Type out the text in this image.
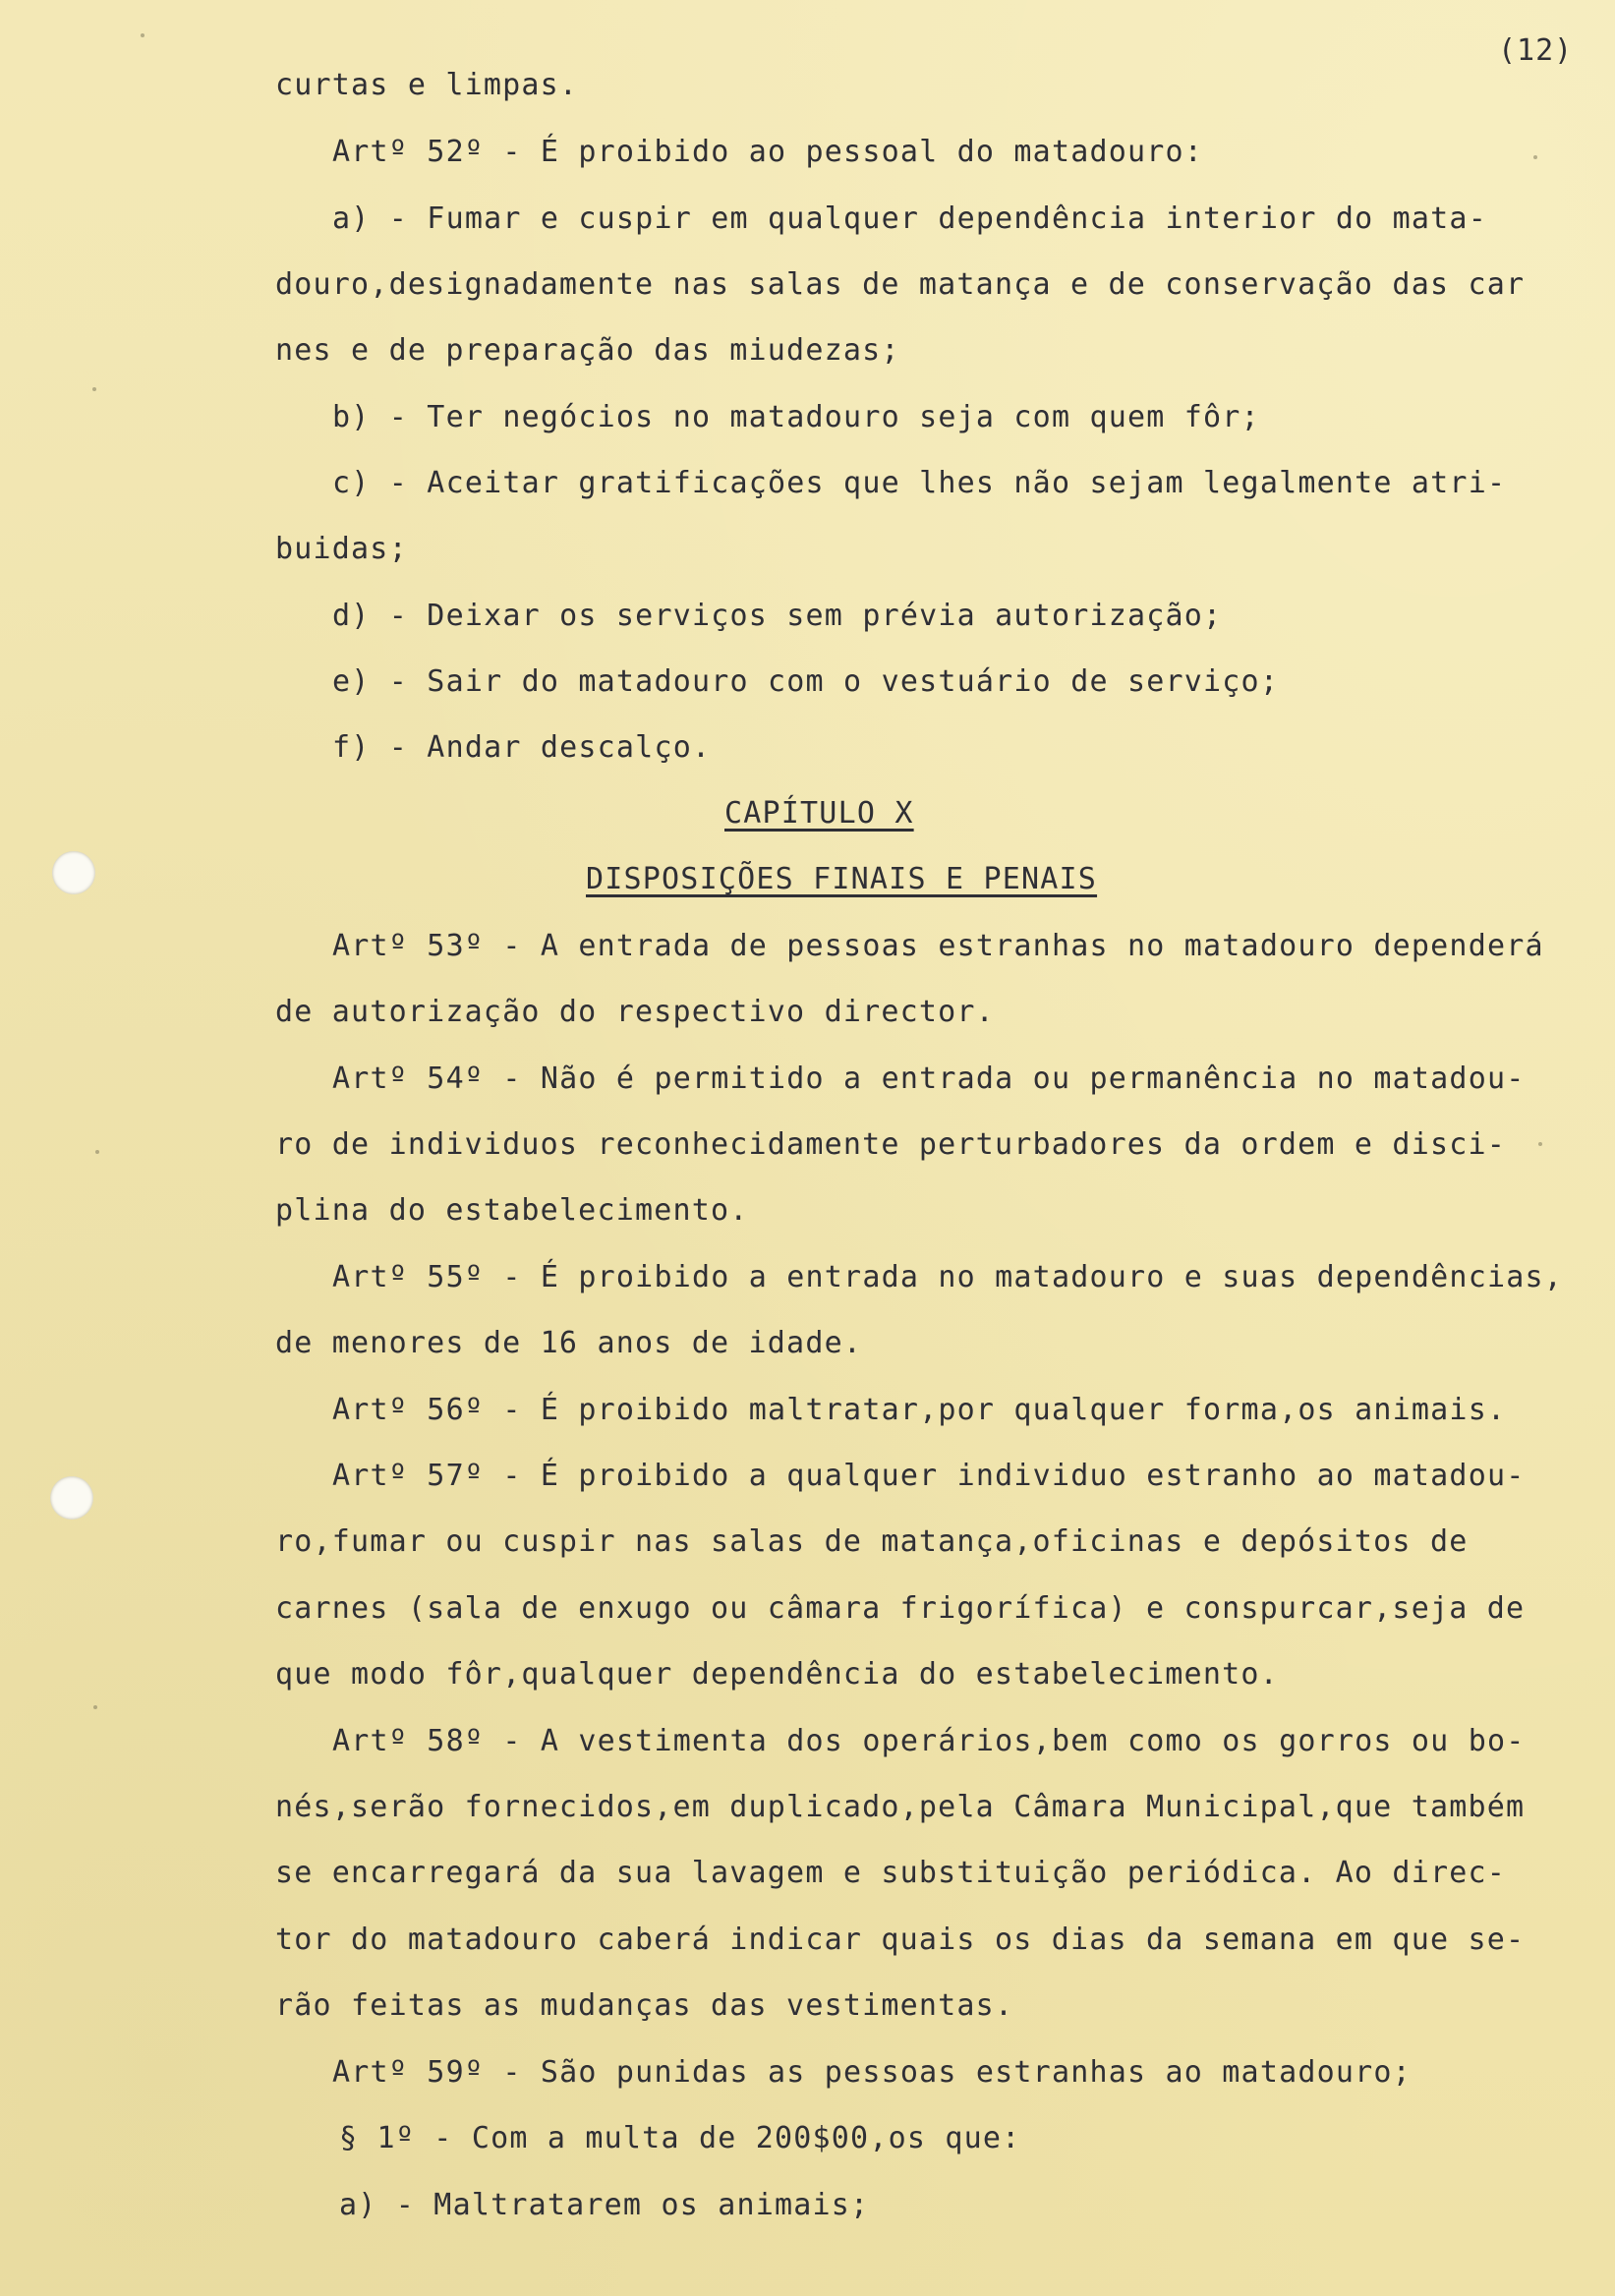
(12)
curtas e limpas.
Artº 52º - É proibido ao pessoal do matadouro:
a) - Fumar e cuspir em qualquer dependência interior do mata-
douro,designadamente nas salas de matança e de conservação das car
nes e de preparação das miudezas;
b) - Ter negócios no matadouro seja com quem fôr;
c) - Aceitar gratificações que lhes não sejam legalmente atri-
buidas;
d) - Deixar os serviços sem prévia autorização;
e) - Sair do matadouro com o vestuário de serviço;
f) - Andar descalço.
CAPÍTULO X
DISPOSIÇÕES FINAIS E PENAIS
Artº 53º - A entrada de pessoas estranhas no matadouro dependerá
de autorização do respectivo director.
Artº 54º - Não é permitido a entrada ou permanência no matadou-
ro de individuos reconhecidamente perturbadores da ordem e disci-
plina do estabelecimento.
Artº 55º - É proibido a entrada no matadouro e suas dependências,
de menores de 16 anos de idade.
Artº 56º - É proibido maltratar,por qualquer forma,os animais.
Artº 57º - É proibido a qualquer individuo estranho ao matadou-
ro,fumar ou cuspir nas salas de matança,oficinas e depósitos de
carnes (sala de enxugo ou câmara frigorífica) e conspurcar,seja de
que modo fôr,qualquer dependência do estabelecimento.
Artº 58º - A vestimenta dos operários,bem como os gorros ou bo-
nés,serão fornecidos,em duplicado,pela Câmara Municipal,que também
se encarregará da sua lavagem e substituição periódica. Ao direc-
tor do matadouro caberá indicar quais os dias da semana em que se-
rão feitas as mudanças das vestimentas.
Artº 59º - São punidas as pessoas estranhas ao matadouro;
§ 1º - Com a multa de 200$00,os que:
a) - Maltratarem os animais;
